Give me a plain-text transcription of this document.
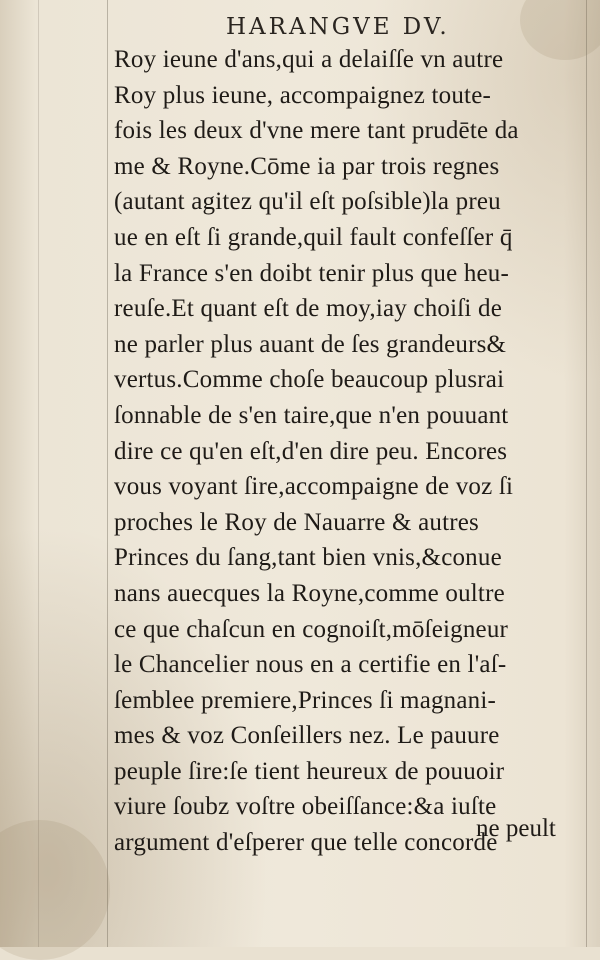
HARANGVE DV.
Roy ieune d'ans,qui a delaiſſe vn autre
Roy plus ieune, accompaignez toute-
fois les deux d'vne mere tant prudēte da
me & Royne.Cōme ia par trois regnes
(autant agitez qu'il eſt poſsible)la preu
ue en eſt ſi grande,quil fault confeſſer q̄
la France s'en doibt tenir plus que heu-
reuſe.Et quant eſt de moy,iay choiſi de
ne parler plus auant de ſes grandeurs&
vertus.Comme choſe beaucoup plusrai
ſonnable de s'en taire,que n'en pouuant
dire ce qu'en eſt,d'en dire peu. Encores
vous voyant ſire,accompaigne de voz ſi
proches le Roy de Nauarre & autres
Princes du ſang,tant bien vnis,&conue
nans auecques la Royne,comme oultre
ce que chaſcun en cognoiſt,mōſeigneur
le Chancelier nous en a certifie en l'aſ-
ſemblee premiere,Princes ſi magnani-
mes & voz Conſeillers nez. Le pauure
peuple ſire:ſe tient heureux de pouuoir
viure ſoubz voſtre obeiſſance:&a iuſte
argument d'eſperer que telle concorde
ne peult
